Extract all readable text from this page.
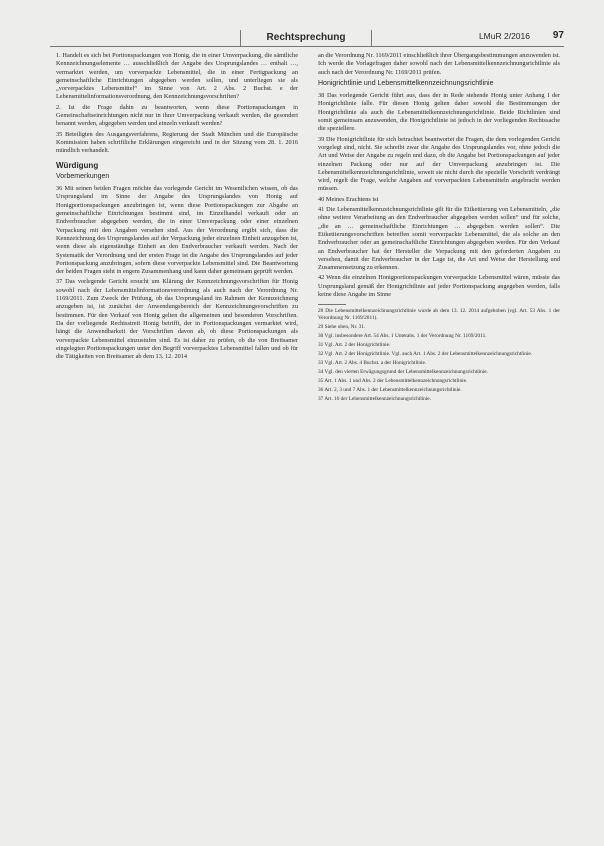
Rechtsprechung	LMuR 2/2016 97

1. Handelt es sich bei Portionspackungen von Honig, die in einer Umverpackung, die sämtliche Kennzeichnungselemente … ausschließlich der Angabe des Ursprungslandes … enthalt …, vermarktet werden, um vorverpackte Lebensmittel, die in einer Fertigpackung an gemeinschaftliche Einrichtungen abgegeben werden sollen, und unterliegen sie als „vorverpacktes Lebensmittel“ im Sinne von Art. 2 Abs. 2 Buchst. e der Lebensmittelinformationsverordnung, den Kennzeichnungsvorschriften?

2. Ist die Frage dahin zu beantworten, wenn diese Portionspackungen in Gemeinschaftseinrichtungen nicht nur in ihrer Umverpackung verkauft werden, die gesondert benannt werden, abgegeben werden und einzeln verkauft werden?

35 Beteiligten des Ausgangsverfahrens, Regierung der Stadt München und die Europäische Kommission haben schriftliche Erklärungen eingereicht und in der Sitzung vom 28. 1. 2016 mündlich verhandelt.

Würdigung
Vorbemerkungen

36 Mit seinen beiden Fragen möchte das vorlegende Gericht im Wesentlichen wissen, ob das Ursprungsland im Sinne der Angabe des Ursprungslandes von Honig auf Honigportionspackungen anzubringen ist, wenn diese Portionspackungen zur Abgabe an gemeinschaftliche Einrichtungen bestimmt sind, im Einzelhandel verkauft oder an Endverbraucher abgegeben werden, die in einer Umverpackung oder einer einzelnen Verpackung mit den Angaben versehen sind. Aus der Verordnung ergibt sich, dass die Kennzeichnung des Ursprungslandes auf der Verpackung jeder einzelnen Einheit anzugeben ist, wenn diese als eigenständige Einheit an den Endverbraucher verkauft werden. Nach der Systematik der Verordnung und der ersten Frage ist die Angabe des Ursprungslandes auf jeder Portionspackung anzubringen, sofern diese vorverpackte Lebensmittel sind. Die Beantwortung der beiden Fragen steht in engem Zusammenhang und kann daher gemeinsam geprüft werden.

37 Das vorlegende Gericht ersucht um Klärung der Kennzeichnungsvorschriften für Honig sowohl nach der Lebensmittelinformationsverordnung als auch nach der Verordnung Nr. 1169/2011. Zum Zweck der Prüfung, ob das Ursprungsland im Rahmen der Kennzeichnung anzugeben ist, ist zunächst der Anwendungsbereich der Kennzeichnungsvorschriften zu bestimmen. Für den Verkauf von Honig gelten die allgemeinen und besonderen Vorschriften. Da der vorliegende Rechtsstreit Honig betrifft, der in Portionspackungen vermarktet wird, hängt die Anwendbarkeit der Vorschriften davon ab, ob diese Portionspackungen als vorverpackte Lebensmittel einzustufen sind. Es ist daher zu prüfen, ob die von Breitsamer eingelegten Portionspackungen unter den Begriff vorverpacktes Lebensmittel fallen und ob für die Tätigkeiten von Breitsamer ab dem 13. 12. 2014

an die Verordnung Nr. 1169/2011 einschließlich ihrer Übergangsbestimmungen anzuwenden ist. Ich werde die Vorlagefragen daher sowohl nach der Lebensmittelkennzeichnungsrichtlinie als auch nach der Verordnung Nr. 1169/2011 prüfen.

Honigrichtlinie und Lebensmittelkennzeichnungsrichtlinie

38 Das vorlegende Gericht führt aus, dass der in Rede stehende Honig unter Anhang I der Honigrichtlinie falle. Für diesen Honig gelten daher sowohl die Bestimmungen der Honigrichtlinie als auch die Lebensmittelkennzeichnungsrichtlinie. Beide Richtlinien sind somit gemeinsam anzuwenden, die Honigrichtlinie ist jedoch in der vorliegenden Rechtssache die speziellere.

39 Die Honigrichtlinie für sich betrachtet beantwortet die Fragen, die dem vorlegenden Gericht vorgelegt sind, nicht. Sie schreibt zwar die Angabe des Ursprungslandes vor, ohne jedoch die Art und Weise der Angabe zu regeln und dazu, ob die Angabe bei Portionspackungen auf jeder einzelnen Packung oder nur auf der Umverpackung anzubringen ist. Die Lebensmittelkennzeichnungsrichtlinie, soweit sie nicht durch die spezielle Vorschrift verdrängt wird, regelt die Frage, welche Angaben auf vorverpackten Lebensmitteln angebracht werden müssen.

40 Meines Erachtens ist

41 Die Lebensmittelkennzeichnungsrichtlinie gilt für die Etikettierung von Lebensmitteln, „die ohne weitere Verarbeitung an den Endverbraucher abgegeben werden sollen“ und für solche, „die an … gemeinschaftliche Einrichtungen … abgegeben werden sollen“. Die Etikettierungsvorschriften betreffen somit vorverpackte Lebensmittel, die als solche an den Endverbraucher oder an gemeinschaftliche Einrichtungen abgegeben werden. Für den Verkauf an Endverbraucher hat der Hersteller die Verpackung mit den geforderten Angaben zu versehen, damit der Endverbraucher in der Lage ist, die Art und Weise der Herstellung und Zusammensetzung zu erkennen.

42 Wenn die einzelnen Honigportionspackungen vorverpackte Lebensmittel wären, müsste das Ursprungsland gemäß der Honigrichtlinie auf jeder Portionspackung angegeben werden, falls keine diese Angabe im Sinne

28 Die Lebensmittelkennzeichnungsrichtlinie wurde ab dem 13. 12. 2014 aufgehoben (vgl. Art. 53 Abs. 1 der Verordnung Nr. 1169/2011).

29 Siehe oben, Nr. 31.

30 Vgl. insbesondere Art. 54 Abs. 1 Unterabs. 1 der Verordnung Nr. 1169/2011.

31 Vgl. Art. 2 der Honigrichtlinie.

32 Vgl. Art. 2 der Honigrichtlinie. Vgl. auch Art. 1 Abs. 2 der Lebensmittelkennzeichnungsrichtlinie.

33 Vgl. Art. 2 Abs. 4 Buchst. a der Honigrichtlinie.

34 Vgl. den vierten Erwägungsgrund der Lebensmittelkennzeichnungsrichtlinie.

35 Art. 1 Abs. 1 und Abs. 2 der Lebensmittelkennzeichnungsrichtlinie.

36 Art. 2, 3 und 7 Abs. 1 der Lebensmittelkennzeichnungsrichtlinie.

37 Art. 16 der Lebensmittelkennzeichnungsrichtlinie.
